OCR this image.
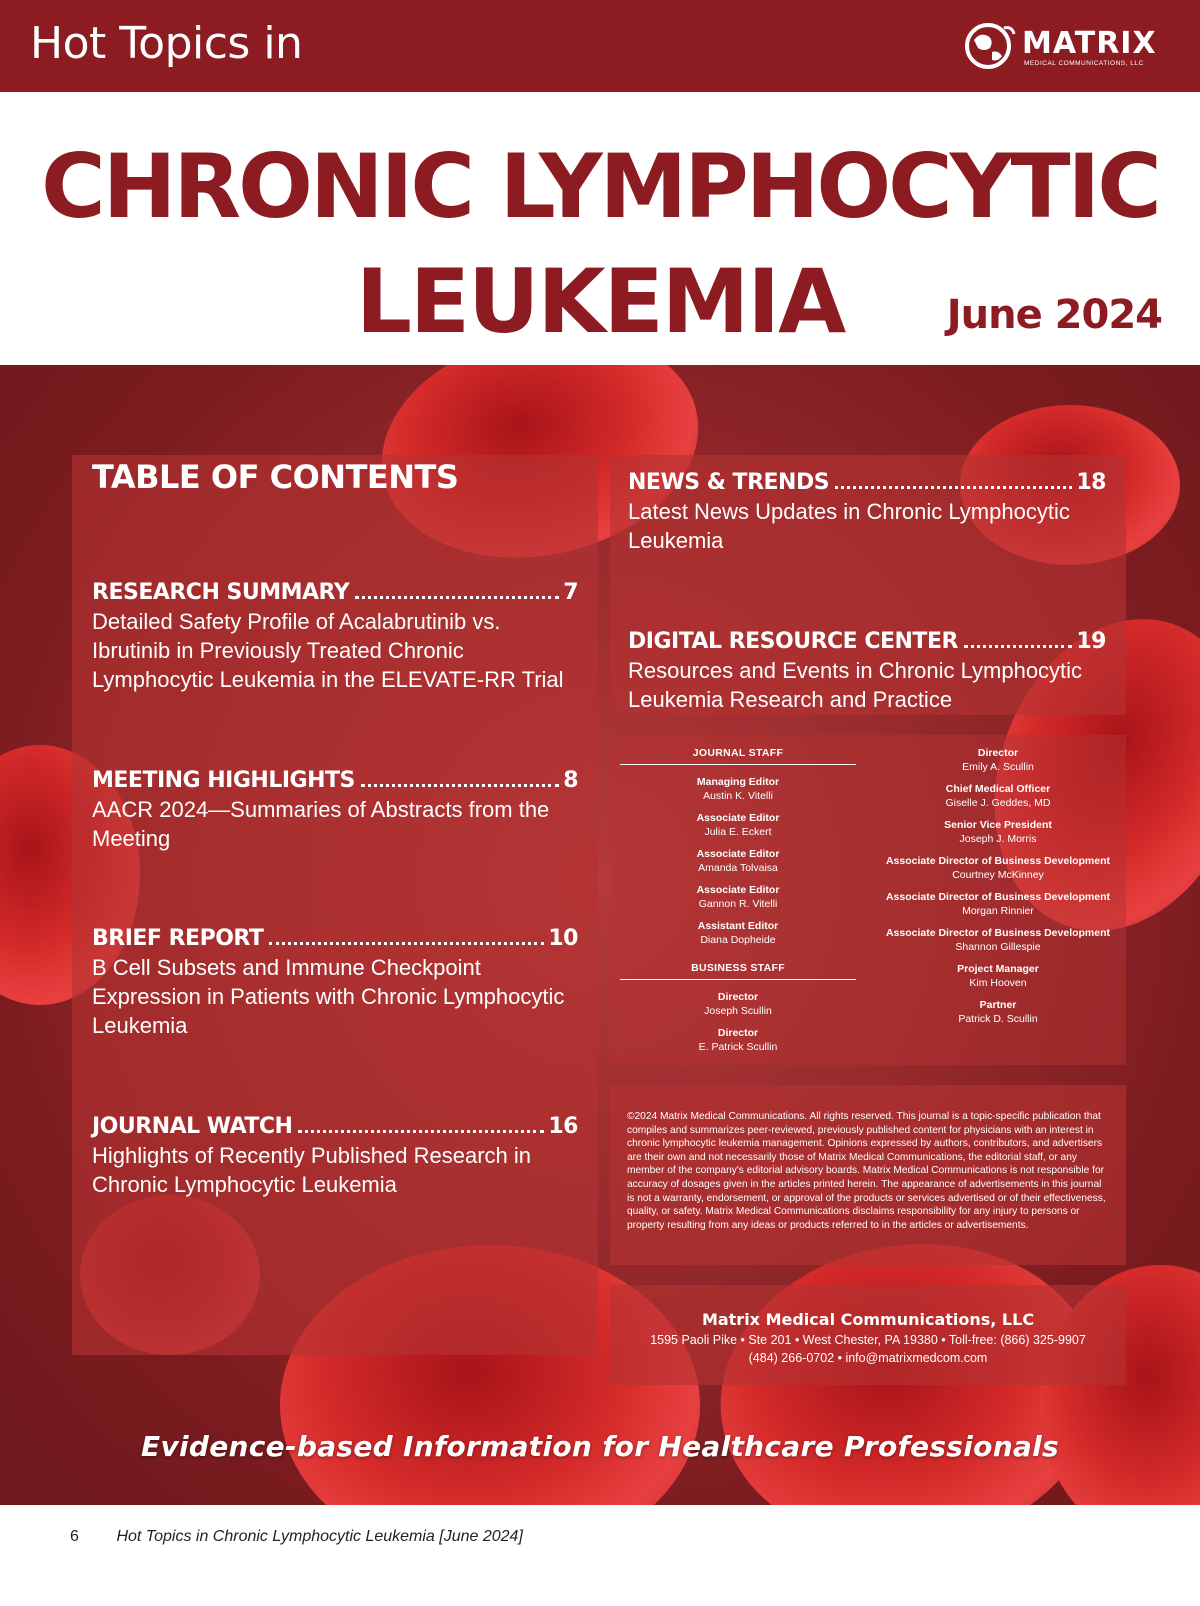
Hot Topics in	MATRIX
MEDICAL COMMUNICATIONS, LLC
CHRONIC LYMPHOCYTIC
LEUKEMIA	June 2024
TABLE OF CONTENTS
RESEARCH SUMMARY	7
Detailed Safety Profile of Acalabrutinib vs. Ibrutinib in Previously Treated Chronic Lymphocytic Leukemia in the ELEVATE-RR Trial
MEETING HIGHLIGHTS	8
AACR 2024—Summaries of Abstracts from the Meeting
BRIEF REPORT	10
B Cell Subsets and Immune Checkpoint Expression in Patients with Chronic Lymphocytic Leukemia
JOURNAL WATCH	16
Highlights of Recently Published Research in Chronic Lymphocytic Leukemia
NEWS & TRENDS	18
Latest News Updates in Chronic Lymphocytic Leukemia
DIGITAL RESOURCE CENTER	19
Resources and Events in Chronic Lymphocytic Leukemia Research and Practice
JOURNAL STAFF
Managing Editor
Austin K. Vitelli
Associate Editor
Julia E. Eckert
Associate Editor
Amanda Tolvaisa
Associate Editor
Gannon R. Vitelli
Assistant Editor
Diana Dopheide
BUSINESS STAFF
Director
Joseph Scullin
Director
E. Patrick Scullin
Director
Emily A. Scullin
Chief Medical Officer
Giselle J. Geddes, MD
Senior Vice President
Joseph J. Morris
Associate Director of Business Development
Courtney McKinney
Associate Director of Business Development
Morgan Rinnier
Associate Director of Business Development
Shannon Gillespie
Project Manager
Kim Hooven
Partner
Patrick D. Scullin
©2024 Matrix Medical Communications. All rights reserved. This journal is a topic-specific publication that compiles and summarizes peer-reviewed, previously published content for physicians with an interest in chronic lymphocytic leukemia management. Opinions expressed by authors, contributors, and advertisers are their own and not necessarily those of Matrix Medical Communications, the editorial staff, or any member of the company's editorial advisory boards. Matrix Medical Communications is not responsible for accuracy of dosages given in the articles printed herein. The appearance of advertisements in this journal is not a warranty, endorsement, or approval of the products or services advertised or of their effectiveness, quality, or safety. Matrix Medical Communications disclaims responsibility for any injury to persons or property resulting from any ideas or products referred to in the articles or advertisements.
Matrix Medical Communications, LLC
1595 Paoli Pike • Ste 201 • West Chester, PA 19380 • Toll-free: (866) 325-9907
(484) 266-0702 • info@matrixmedcom.com
Evidence-based Information for Healthcare Professionals
6 Hot Topics in Chronic Lymphocytic Leukemia [June 2024]
